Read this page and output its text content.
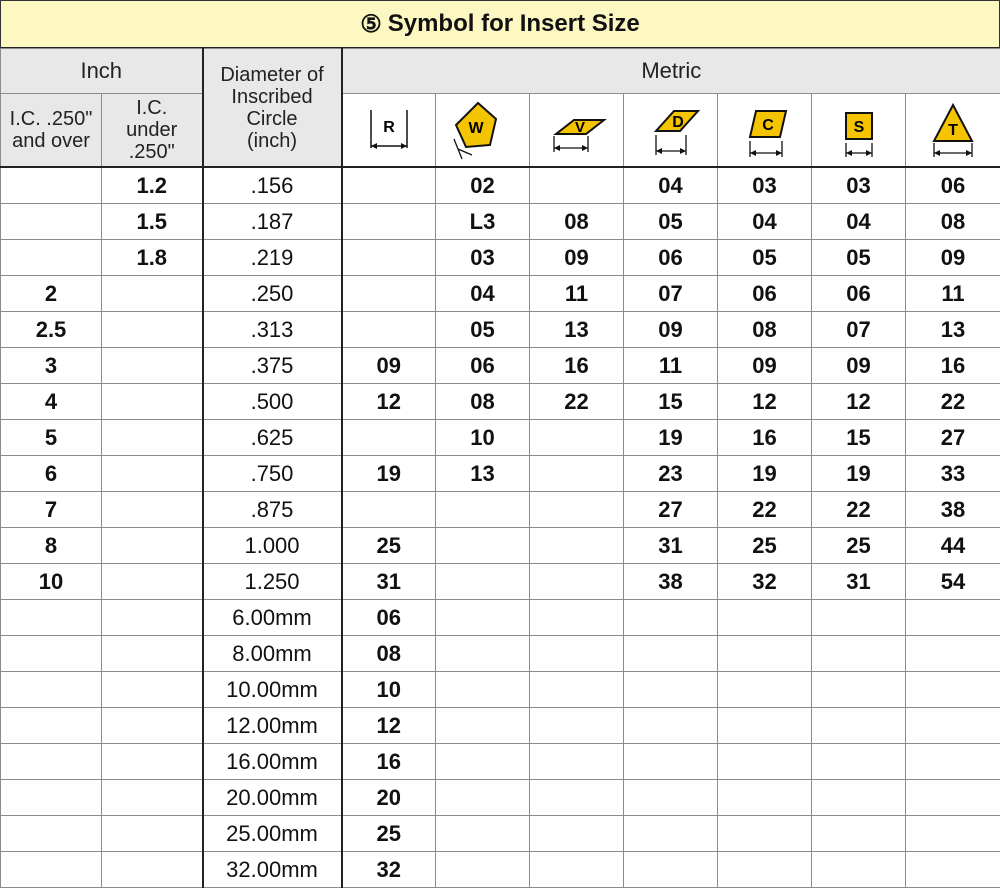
⑤ Symbol for Insert Size
Inch		Diameter of
Inscribed
Circle
(inch)	Metric						
I.C. .250"
and over	I.C.
under
.250"		R	W	V	D	C	S	T

	1.2	.156		02		04	03	03	06
	1.5	.187		L3	08	05	04	04	08
	1.8	.219		03	09	06	05	05	09
2		.250		04	11	07	06	06	11
2.5		.313		05	13	09	08	07	13
3		.375	09	06	16	11	09	09	16
4		.500	12	08	22	15	12	12	22
5		.625		10		19	16	15	27
6		.750	19	13		23	19	19	33
7		.875				27	22	22	38
8		1.000	25			31	25	25	44
10		1.250	31			38	32	31	54
		6.00mm	06						
		8.00mm	08						
		10.00mm	10						
		12.00mm	12						
		16.00mm	16						
		20.00mm	20						
		25.00mm	25						
		32.00mm	32						
